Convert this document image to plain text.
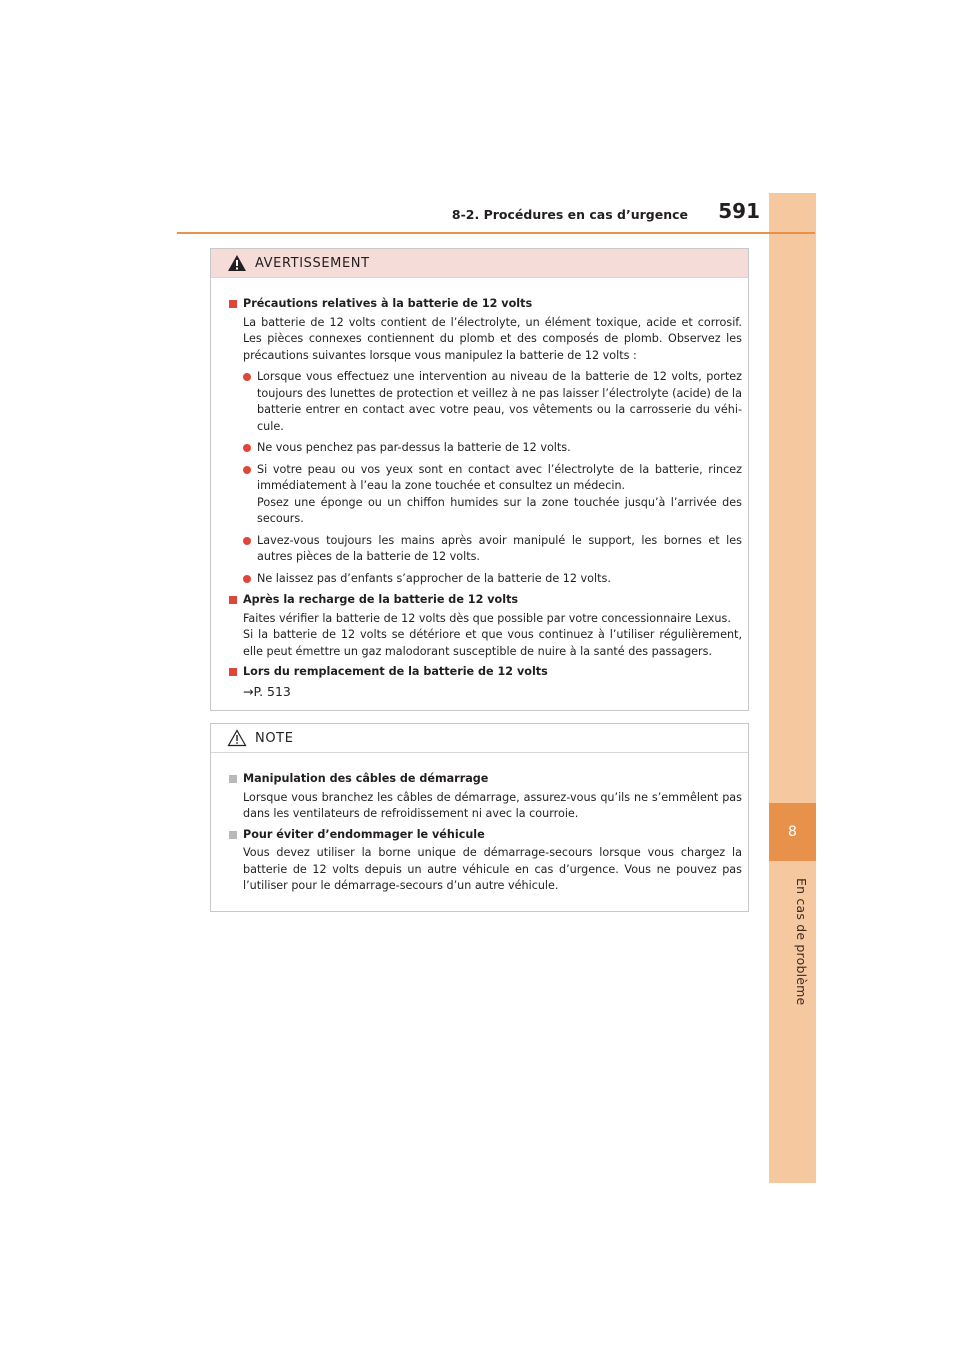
8
En cas de problème
8-2. Procédures en cas d’urgence	591
AVERTISSEMENT
Précautions relatives à la batterie de 12 volts
La batterie de 12 volts contient de l’électrolyte, un élément toxique, acide et corrosif. Les pièces connexes contiennent du plomb et des composés de plomb. Observez les précautions suivantes lorsque vous manipulez la batterie de 12 volts :
Lorsque vous effectuez une intervention au niveau de la batterie de 12 volts, portez toujours des lunettes de protection et veillez à ne pas laisser l’électrolyte (acide) de la batterie entrer en contact avec votre peau, vos vêtements ou la carrosserie du véhi-cule.
Ne vous penchez pas par-dessus la batterie de 12 volts.
Si votre peau ou vos yeux sont en contact avec l’électrolyte de la batterie, rincez immédiatement à l’eau la zone touchée et consultez un médecin.
Posez une éponge ou un chiffon humides sur la zone touchée jusqu’à l’arrivée des secours.
Lavez-vous toujours les mains après avoir manipulé le support, les bornes et les autres pièces de la batterie de 12 volts.
Ne laissez pas d’enfants s’approcher de la batterie de 12 volts.
Après la recharge de la batterie de 12 volts
Faites vérifier la batterie de 12 volts dès que possible par votre concessionnaire Lexus.
Si la batterie de 12 volts se détériore et que vous continuez à l’utiliser régulièrement, elle peut émettre un gaz malodorant susceptible de nuire à la santé des passagers.
Lors du remplacement de la batterie de 12 volts
→P. 513
NOTE
Manipulation des câbles de démarrage
Lorsque vous branchez les câbles de démarrage, assurez-vous qu’ils ne s’emmêlent pas dans les ventilateurs de refroidissement ni avec la courroie.
Pour éviter d’endommager le véhicule
Vous devez utiliser la borne unique de démarrage-secours lorsque vous chargez la batterie de 12 volts depuis un autre véhicule en cas d’urgence. Vous ne pouvez pas l’utiliser pour le démarrage-secours d’un autre véhicule.
